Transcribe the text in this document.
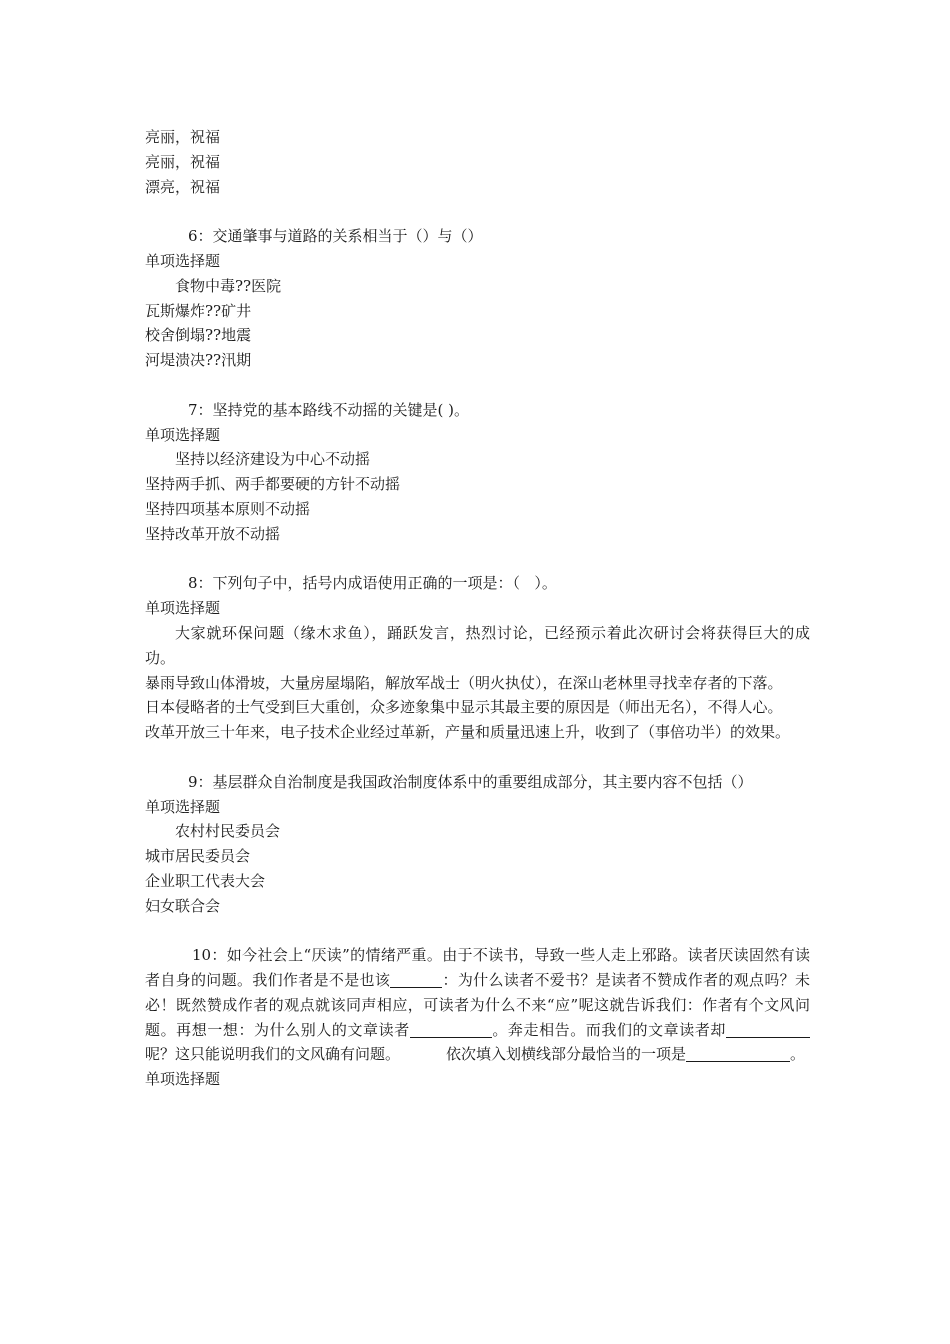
亮丽，祝福

亮丽，祝福

漂亮，祝福

6：交通肇事与道路的关系相当于（）与（）

单项选择题

食物中毒??医院

瓦斯爆炸??矿井

校舍倒塌??地震

河堤溃决??汛期

7：坚持党的基本路线不动摇的关键是( )。

单项选择题

坚持以经济建设为中心不动摇

坚持两手抓、两手都要硬的方针不动摇

坚持四项基本原则不动摇

坚持改革开放不动摇

8：下列句子中，括号内成语使用正确的一项是：（   ）。

单项选择题

大家就环保问题（缘木求鱼），踊跃发言，热烈讨论，已经预示着此次研讨会将获得巨大的成功。

暴雨导致山体滑坡，大量房屋塌陷，解放军战士（明火执仗），在深山老林里寻找幸存者的下落。

日本侵略者的士气受到巨大重创，众多迹象集中显示其最主要的原因是（师出无名），不得人心。

改革开放三十年来，电子技术企业经过革新，产量和质量迅速上升，收到了（事倍功半）的效果。

9：基层群众自治制度是我国政治制度体系中的重要组成部分，其主要内容不包括（）

单项选择题

农村村民委员会

城市居民委员会

企业职工代表大会

妇女联合会

10：如今社会上“厌读”的情绪严重。由于不读书，导致一些人走上邪路。读者厌读固然有读者自身的问题。我们作者是不是也该	：为什么读者不爱书？是读者不赞成作者的观点吗？未必！既然赞成作者的观点就该同声相应，可读者为什么不来“应”呢这就告诉我们：作者有个文风问题。再想一想：为什么别人的文章读者	。奔走相告。而我们的文章读者却呢？这只能说明我们的文风确有问题。	依次填入划横线部分最恰当的一项是	。

单项选择题
